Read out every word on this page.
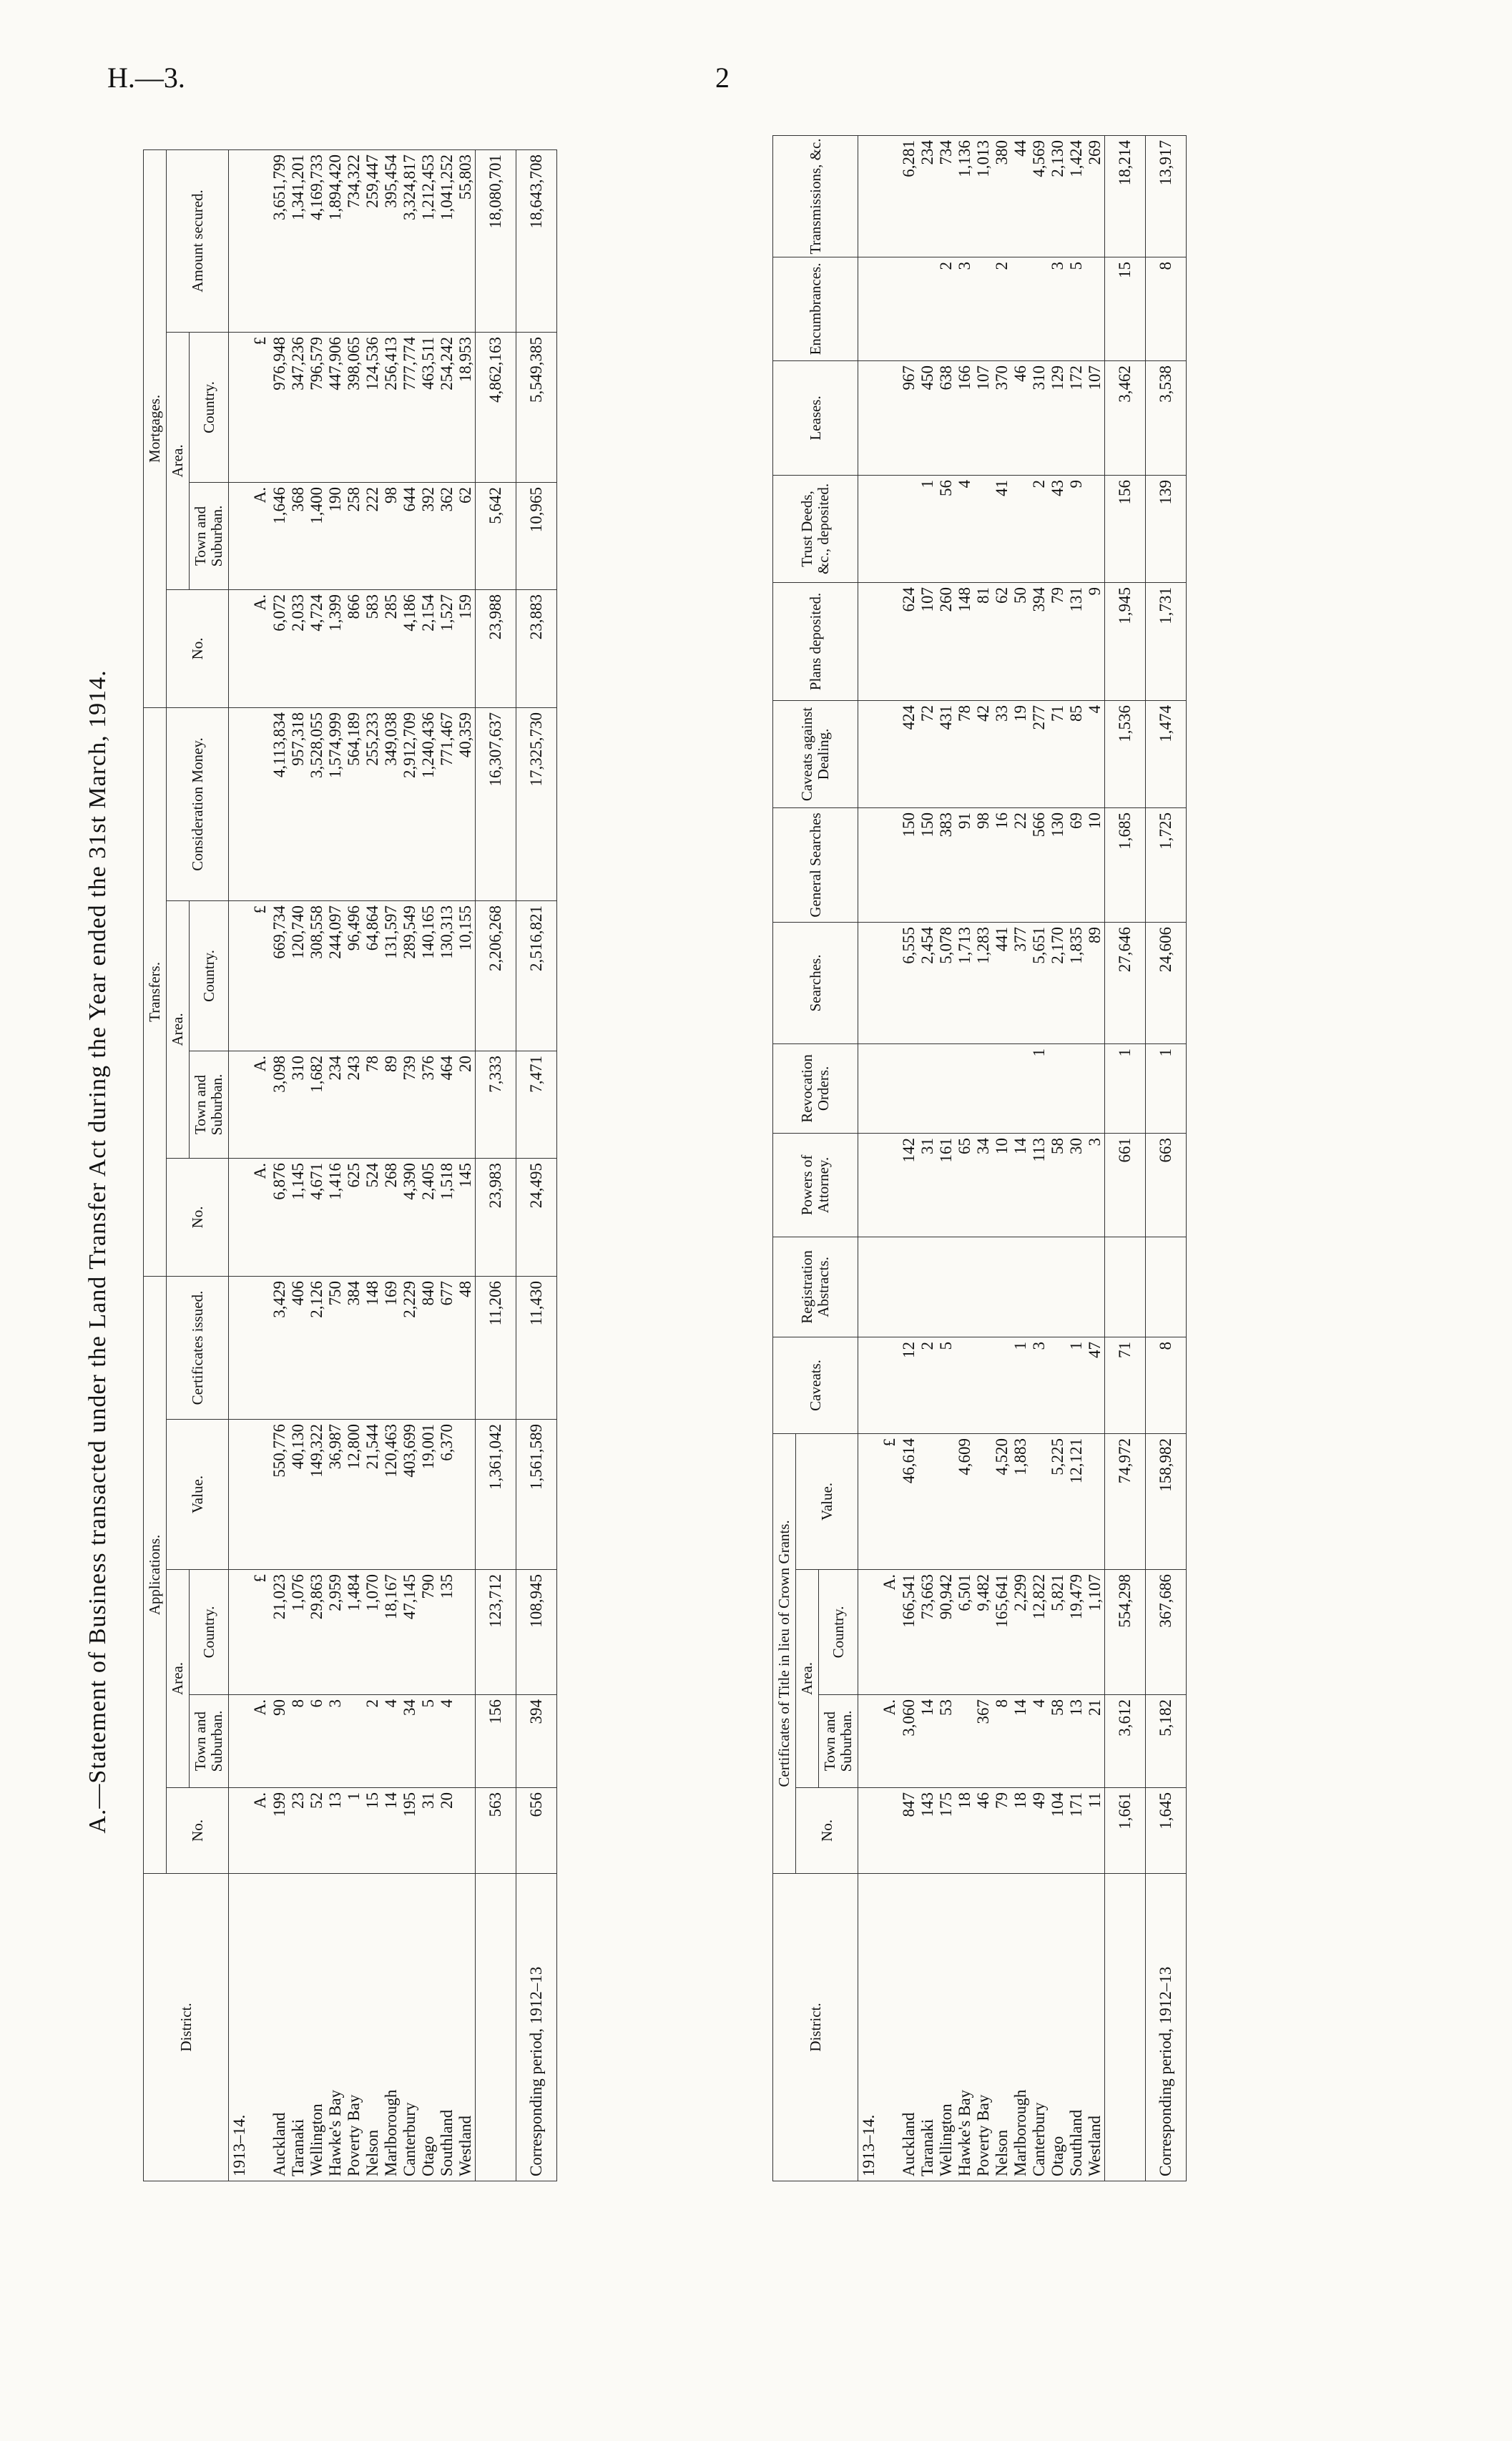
H.—3.	2
A.—Statement of Business transacted under the Land Transfer Act during the Year ended the 31st March, 1914.
District.	Applications.					Transfers.				Mortgages.			
	No.	Area.		Value.	Certificates issued.	No.	Area.		Consideration Money.	No.	Area.		Amount secured.
		Town and Suburban.	Country.				Town and Suburban.	Country.			Town and Suburban.	Country.	
1913–14.													
	A.	A.	£			A.	A.	£		A.	A.	£	
Auckland	199	90	21,023	550,776	3,429	6,876	3,098	669,734	4,113,834	6,072	1,646	976,948	3,651,799
Taranaki	23	8	1,076	40,130	406	1,145	310	120,740	957,318	2,033	368	347,236	1,341,201
Wellington	52	6	29,863	149,322	2,126	4,671	1,682	308,558	3,528,055	4,724	1,400	796,579	4,169,733
Hawke's Bay	13	3	2,959	36,987	750	1,416	234	244,097	1,574,999	1,399	190	447,906	1,894,420
Poverty Bay	1		1,484	12,800	384	625	243	96,496	564,189	866	258	398,065	734,322
Nelson	15	2	1,070	21,544	148	524	78	64,864	255,233	583	222	124,536	259,447
Marlborough	14	4	18,167	120,463	169	268	89	131,597	349,038	285	98	256,413	395,454
Canterbury	195	34	47,145	403,699	2,229	4,390	739	289,549	2,912,709	4,186	644	777,774	3,324,817
Otago	31	5	790	19,001	840	2,405	376	140,165	1,240,436	2,154	392	463,511	1,212,453
Southland	20	4	135	6,370	677	1,518	464	130,313	771,467	1,527	362	254,242	1,041,252
Westland					48	145	20	10,155	40,359	159	62	18,953	55,803
	563	156	123,712	1,361,042	11,206	23,983	7,333	2,206,268	16,307,637	23,988	5,642	4,862,163	18,080,701
Corresponding period, 1912–13	656	394	108,945	1,561,589	11,430	24,495	7,471	2,516,821	17,325,730	23,883	10,965	5,549,385	18,643,708
District.	Certificates of Title in lieu of Crown Grants.				Caveats.	Registration Abstracts.	Powers of Attorney.	Revocation Orders.	Searches.	General Searches	Caveats against Dealing.	Plans deposited.	Trust Deeds, &c., deposited.	Leases.	Encumbrances.	Transmissions, &c.
	No.	Area.		Value.												
		Town and Suburban.	Country.													
1913–14.																
		A.	A.	£												
Auckland	847	3,060	166,541	46,614	12		142		6,555	150	424	624		967		6,281
Taranaki	143	14	73,663		2		31		2,454	150	72	107	1	450		234
Wellington	175	53	90,942		5		161		5,078	383	431	260	56	638	2	734
Hawke's Bay	18		6,501	4,609			65		1,713	91	78	148	4	166	3	1,136
Poverty Bay	46	367	9,482				34		1,283	98	42	81		107		1,013
Nelson	79	8	165,641	4,520			10		441	16	33	62	41	370	2	380
Marlborough	18	14	2,299	1,883	1		14		377	22	19	50		46		44
Canterbury	49	4	12,822		3		113	1	5,651	566	277	394	2	310		4,569
Otago	104	58	5,821	5,225			58		2,170	130	71	79	43	129	3	2,130
Southland	171	13	19,479	12,121	1		30		1,835	69	85	131	9	172	5	1,424
Westland	11	21	1,107		47		3		89	10	4	9		107		269
	1,661	3,612	554,298	74,972	71		661	1	27,646	1,685	1,536	1,945	156	3,462	15	18,214
Corresponding period, 1912–13	1,645	5,182	367,686	158,982	8		663	1	24,606	1,725	1,474	1,731	139	3,538	8	13,917
